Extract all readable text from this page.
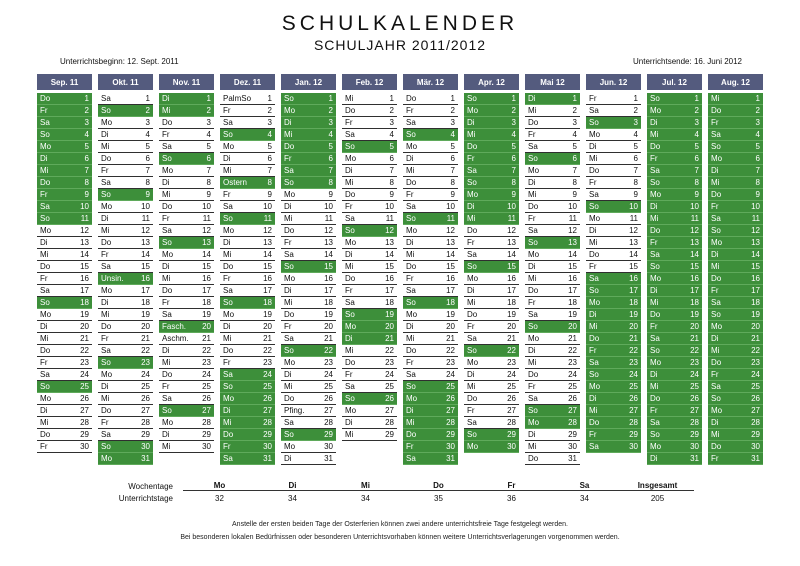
SCHULKALENDER
SCHULJAHR 2011/2012
Unterrichtsbeginn: 12. Sept. 2011	Unterrichtsende: 16. Juni 2012
Sep. 11
Do	1
Fr	2
Sa	3
So	4
Mo	5
Di	6
Mi	7
Do	8
Fr	9
Sa	10
So	11
Mo	12
Di	13
Mi	14
Do	15
Fr	16
Sa	17
So	18
Mo	19
Di	20
Mi	21
Do	22
Fr	23
Sa	24
So	25
Mo	26
Di	27
Mi	28
Do	29
Fr	30
Okt. 11
Sa	1
So	2
Mo	3
Di	4
Mi	5
Do	6
Fr	7
Sa	8
So	9
Mo	10
Di	11
Mi	12
Do	13
Fr	14
Sa	15
Unsin. 16
Mo	17
Di	18
Mi	19
Do	20
Fr	21
Sa	22
So	23
Mo	24
Di	25
Mi	26
Do	27
Fr	28
Sa	29
So	30
Mo	31
Nov. 11
Di	1
Mi	2
Do	3
Fr	4
Sa	5
So	6
Mo	7
Di	8
Mi	9
Do	10
Fr	11
Sa	12
So	13
Mo	14
Di	15
Mi	16
Do	17
Fr	18
Sa	19
Fasch. 20
Aschm. 21
Di	22
Mi	23
Do	24
Fr	25
Sa	26
So	27
Mo	28
Di	29
Mi	30
Dez. 11
PalmSo 1
Fr	2
Sa	3
So	4
Mo	5
Di	6
Mi	7
Ostern	8
Fr	9
Sa	10
So	11
Mo	12
Di	13
Mi	14
Do	15
Fr	16
Sa	17
So	18
Mo	19
Di	20
Mi	21
Do	22
Fr	23
Sa	24
So	25
Mo	26
Di	27
Mi	28
Do	29
Fr	30
Sa	31
Jan. 12
So	1
Mo	2
Di	3
Mi	4
Do	5
Fr	6
Sa	7
So	8
Mo	9
Di	10
Mi	11
Do	12
Fr	13
Sa	14
So	15
Mo	16
Di	17
Mi	18
Do	19
Fr	20
Sa	21
So	22
Mo	23
Di	24
Mi	25
Do	26
Pfing. 27
Sa	28
So	29
Mo	30
Di	31
Feb. 12
Mi	1
Do	2
Fr	3
Sa	4
So	5
Mo	6
Di	7
Mi	8
Do	9
Fr	10
Sa	11
So	12
Mo	13
Di	14
Mi	15
Do	16
Fr	17
Sa	18
So	19
Mo	20
Di	21
Mi	22
Do	23
Fr	24
Sa	25
So	26
Mo	27
Di	28
Mi	29
Mär. 12
Do	1
Fr	2
Sa	3
So	4
Mo	5
Di	6
Mi	7
Do	8
Fr	9
Sa	10
So	11
Mo	12
Di	13
Mi	14
Do	15
Fr	16
Sa	17
So	18
Mo	19
Di	20
Mi	21
Do	22
Fr	23
Sa	24
So	25
Mo	26
Di	27
Mi	28
Do	29
Fr	30
Sa	31
Apr. 12
So	1
Mo	2
Di	3
Mi	4
Do	5
Fr	6
Sa	7
So	8
Mo	9
Di	10
Mi	11
Do	12
Fr	13
Sa	14
So	15
Mo	16
Di	17
Mi	18
Do	19
Fr	20
Sa	21
So	22
Mo	23
Di	24
Mi	25
Do	26
Fr	27
Sa	28
So	29
Mo	30
Mai 12
Di	1
Mi	2
Do	3
Fr	4
Sa	5
So	6
Mo	7
Di	8
Mi	9
Do	10
Fr	11
Sa	12
So	13
Mo	14
Di	15
Mi	16
Do	17
Fr	18
Sa	19
So	20
Mo	21
Di	22
Mi	23
Do	24
Fr	25
Sa	26
So	27
Mo	28
Di	29
Mi	30
Do	31
Jun. 12
Fr	1
Sa	2
So	3
Mo	4
Di	5
Mi	6
Do	7
Fr	8
Sa	9
So	10
Mo	11
Di	12
Mi	13
Do	14
Fr	15
Sa	16
So	17
Mo	18
Di	19
Mi	20
Do	21
Fr	22
Sa	23
So	24
Mo	25
Di	26
Mi	27
Do	28
Fr	29
Sa	30
Jul. 12
So	1
Mo	2
Di	3
Mi	4
Do	5
Fr	6
Sa	7
So	8
Mo	9
Di	10
Mi	11
Do	12
Fr	13
Sa	14
So	15
Mo	16
Di	17
Mi	18
Do	19
Fr	20
Sa	21
So	22
Mo	23
Di	24
Mi	25
Do	26
Fr	27
Sa	28
So	29
Mo	30
Di	31
Aug. 12
Mi	1
Do	2
Fr	3
Sa	4
So	5
Mo	6
Di	7
Mi	8
Do	9
Fr	10
Sa	11
So	12
Mo	13
Di	14
Mi	15
Do	16
Fr	17
Sa	18
So	19
Mo	20
Di	21
Mi	22
Do	23
Fr	24
Sa	25
So	26
Mo	27
Di	28
Mi	29
Do	30
Fr	31
Wochentage	Mo	Di	Mi	Do	Fr	Sa	Insgesamt
Unterrichtstage	32	34	34	35	36	34	205
Anstelle der ersten beiden Tage der Osterferien können zwei andere unterrichtsfreie Tage festgelegt werden.
Bei besonderen lokalen Bedürfnissen oder besonderen Unterrichtsvorhaben können weitere Unterrichtsverlagerungen vorgenommen werden.
